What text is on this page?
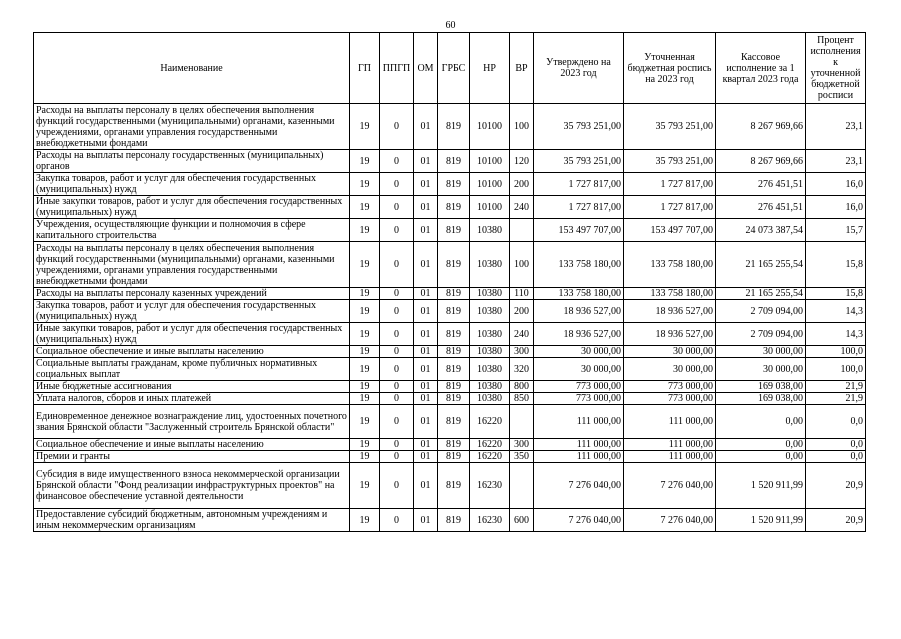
60
Наименование	ГП	ППГП	ОМ	ГРБС	НР	ВР	Утверждено на 2023 год	Уточненная бюджетная роспись на 2023 год	Кассовое исполнение за 1 квартал 2023 года	Процент исполнения к уточненной бюджетной росписи
Расходы на выплаты персоналу в целях обеспечения выполнения функций государственными (муниципальными) органами, казенными учреждениями, органами управления государственными внебюджетными фондами	19	0	01	819	10100	100	35 793 251,00	35 793 251,00	8 267 969,66	23,1
Расходы на выплаты персоналу государственных (муниципальных) органов	19	0	01	819	10100	120	35 793 251,00	35 793 251,00	8 267 969,66	23,1
Закупка товаров, работ и услуг для обеспечения государственных (муниципальных) нужд	19	0	01	819	10100	200	1 727 817,00	1 727 817,00	276 451,51	16,0
Иные закупки товаров, работ и услуг для обеспечения государственных (муниципальных) нужд	19	0	01	819	10100	240	1 727 817,00	1 727 817,00	276 451,51	16,0
Учреждения, осуществляющие функции и полномочия в сфере капитального строительства	19	0	01	819	10380		153 497 707,00	153 497 707,00	24 073 387,54	15,7
Расходы на выплаты персоналу в целях обеспечения выполнения функций государственными (муниципальными) органами, казенными учреждениями, органами управления государственными внебюджетными фондами	19	0	01	819	10380	100	133 758 180,00	133 758 180,00	21 165 255,54	15,8
Расходы на выплаты персоналу казенных учреждений	19	0	01	819	10380	110	133 758 180,00	133 758 180,00	21 165 255,54	15,8
Закупка товаров, работ и услуг для обеспечения государственных (муниципальных) нужд	19	0	01	819	10380	200	18 936 527,00	18 936 527,00	2 709 094,00	14,3
Иные закупки товаров, работ и услуг для обеспечения государственных (муниципальных) нужд	19	0	01	819	10380	240	18 936 527,00	18 936 527,00	2 709 094,00	14,3
Социальное обеспечение и иные выплаты населению	19	0	01	819	10380	300	30 000,00	30 000,00	30 000,00	100,0
Социальные выплаты гражданам, кроме публичных нормативных социальных выплат	19	0	01	819	10380	320	30 000,00	30 000,00	30 000,00	100,0
Иные бюджетные ассигнования	19	0	01	819	10380	800	773 000,00	773 000,00	169 038,00	21,9
Уплата налогов, сборов и иных платежей	19	0	01	819	10380	850	773 000,00	773 000,00	169 038,00	21,9
Единовременное денежное вознаграждение лиц, удостоенных почетного звания Брянской области "Заслуженный строитель Брянской области"	19	0	01	819	16220		111 000,00	111 000,00	0,00	0,0
Социальное обеспечение и иные выплаты населению	19	0	01	819	16220	300	111 000,00	111 000,00	0,00	0,0
Премии и гранты	19	0	01	819	16220	350	111 000,00	111 000,00	0,00	0,0
Субсидия в виде имущественного взноса некоммерческой организации Брянской области "Фонд реализации инфраструктурных проектов" на финансовое обеспечение уставной деятельности	19	0	01	819	16230		7 276 040,00	7 276 040,00	1 520 911,99	20,9
Предоставление субсидий бюджетным, автономным учреждениям и иным некоммерческим организациям	19	0	01	819	16230	600	7 276 040,00	7 276 040,00	1 520 911,99	20,9
